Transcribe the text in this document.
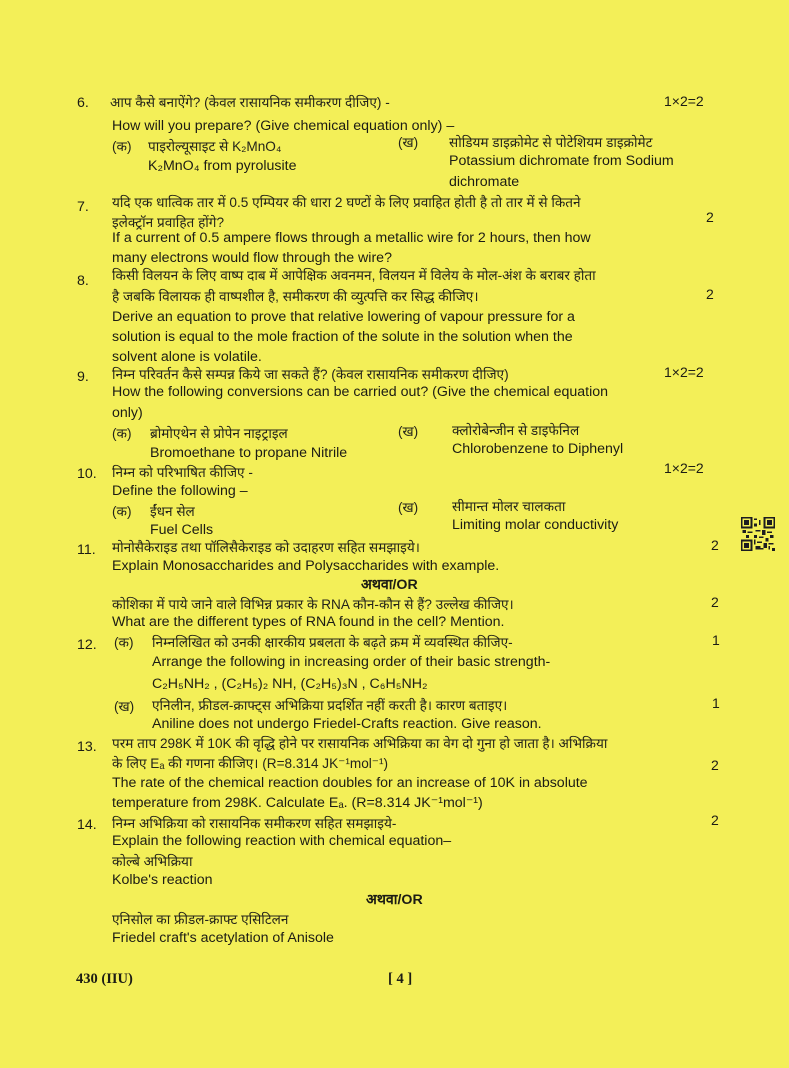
6. आप कैसे बनाऐंगे? (केवल रासायनिक समीकरण दीजिए) -	1×2=2
How will you prepare? (Give chemical equation only) –
(क) पाइरोल्यूसाइट से K₂MnO₄
K₂MnO₄ from pyrolusite
(ख) सोडियम डाइक्रोमेट से पोटेशियम डाइक्रोमेट
Potassium dichromate from Sodium
dichromate
7. यदि एक धात्विक तार में 0.5 एम्पियर की धारा 2 घण्टों के लिए प्रवाहित होती है तो तार में से कितने
इलेक्ट्रॉन प्रवाहित होंगे?	2
If a current of 0.5 ampere flows through a metallic wire for 2 hours, then how
many electrons would flow through the wire?
8. किसी विलयन के लिए वाष्प दाब में आपेक्षिक अवनमन, विलयन में विलेय के मोल-अंश के बराबर होता
है जबकि विलायक ही वाष्पशील है, समीकरण की व्युत्पत्ति कर सिद्ध कीजिए।	2
Derive an equation to prove that relative lowering of vapour pressure for a
solution is equal to the mole fraction of the solute in the solution when the
solvent alone is volatile.
9. निम्न परिवर्तन कैसे सम्पन्न किये जा सकते हैं? (केवल रासायनिक समीकरण दीजिए)	1×2=2
How the following conversions can be carried out? (Give the chemical equation
only)
(क) ब्रोमोएथेन से प्रोपेन नाइट्राइल
Bromoethane to propane Nitrile
(ख) क्लोरोबेन्जीन से डाइफेनिल
Chlorobenzene to Diphenyl
10. निम्न को परिभाषित कीजिए -	1×2=2
Define the following –
(क) ईंधन सेल
Fuel Cells
(ख) सीमान्त मोलर चालकता
Limiting molar conductivity
11. मोनोसैकेराइड तथा पॉलिसैकेराइड को उदाहरण सहित समझाइये।	2
Explain Monosaccharides and Polysaccharides with example.
अथवा/OR
कोशिका में पाये जाने वाले विभिन्न प्रकार के RNA कौन-कौन से हैं? उल्लेख कीजिए।	2
What are the different types of RNA found in the cell? Mention.
12. (क) निम्नलिखित को उनकी क्षारकीय प्रबलता के बढ़ते क्रम में व्यवस्थित कीजिए-	1
Arrange the following in increasing order of their basic strength-
C₂H₅NH₂ , (C₂H₅)₂ NH, (C₂H₅)₃N , C₆H₅NH₂
(ख) एनिलीन, फ्रीडल-क्राफ्ट्स अभिक्रिया प्रदर्शित नहीं करती है। कारण बताइए।	1
Aniline does not undergo Friedel-Crafts reaction. Give reason.
13. परम ताप 298K में 10K की वृद्धि होने पर रासायनिक अभिक्रिया का वेग दो गुना हो जाता है। अभिक्रिया
के लिए Eₐ की गणना कीजिए। (R=8.314 JK⁻¹mol⁻¹)	2
The rate of the chemical reaction doubles for an increase of 10K in absolute
temperature from 298K. Calculate Eₐ. (R=8.314 JK⁻¹mol⁻¹)
14. निम्न अभिक्रिया को रासायनिक समीकरण सहित समझाइये-	2
Explain the following reaction with chemical equation–
कोल्बे अभिक्रिया
Kolbe's reaction
अथवा/OR
एनिसोल का फ्रीडल-क्राफ्ट एसिटिलन
Friedel craft's acetylation of Anisole
430 (IIU)	[ 4 ]
